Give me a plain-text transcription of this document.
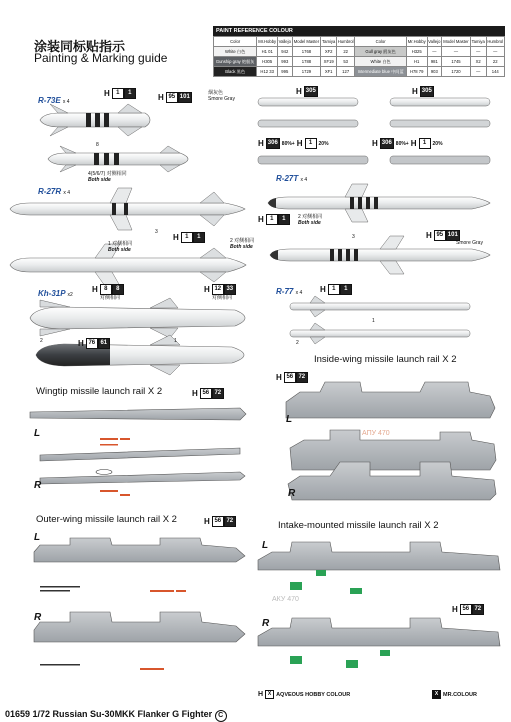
涂装同标贴指示
Painting & Marking guide
PAINT REFERENCE COLOUR
Color	Mr.Hobby	Vallejo	Model Master	Tamiya	Humbrol	Color	Mr.Hobby	Vallejo	Model Master	Tamiya	Humbrol
White 白色	H1 01	942	1768	XF2	22	Gull gray 鸥灰色	H325	—	—	—	—
Gunship gray 炮艇灰	H305	993	1788	XF19	53	White 白色	H1	981	1745	X2	22
Black 黑色	H12 33	995	1729	XF1	127	Intermediate blue 中间蓝	H78 79	903	1720	—	144
R-73E x 4
H	1	1	H 95 101
烟灰色
Smore Gray
8
4(5/6/7) 对侧相同
Both side
R-27R x 4
3
H	1	1
1 对侧相同
Both side
2 对侧相同
Both side
R-27T x 4
H	1	1	2 对侧相同
Both side
3	H 95 101
Smore Gray
Kh-31P x2
H	8	8
对侧相同
H 12 33
对侧相同
H 76 61
2	1
R-77 x 4 H	1	1
1
2
H 305	H 305
H 306 80%+ H	1	20%	H 306 80%+ H	1	20%
Wingtip missile launch rail X 2	H 56 72
L
R
Inside-wing missile launch rail X 2
H 56 72
L
R
АПУ 470
Outer-wing missile launch rail X 2	H 56 72
L
R
Intake-mounted missile launch rail X 2
H 56 72
L
R
АКУ 470
01659 1/72 Russian Su-30MKK Flanker G Fighter C
H X AQVEOUS HOBBY COLOUR	X MR.COLOUR
